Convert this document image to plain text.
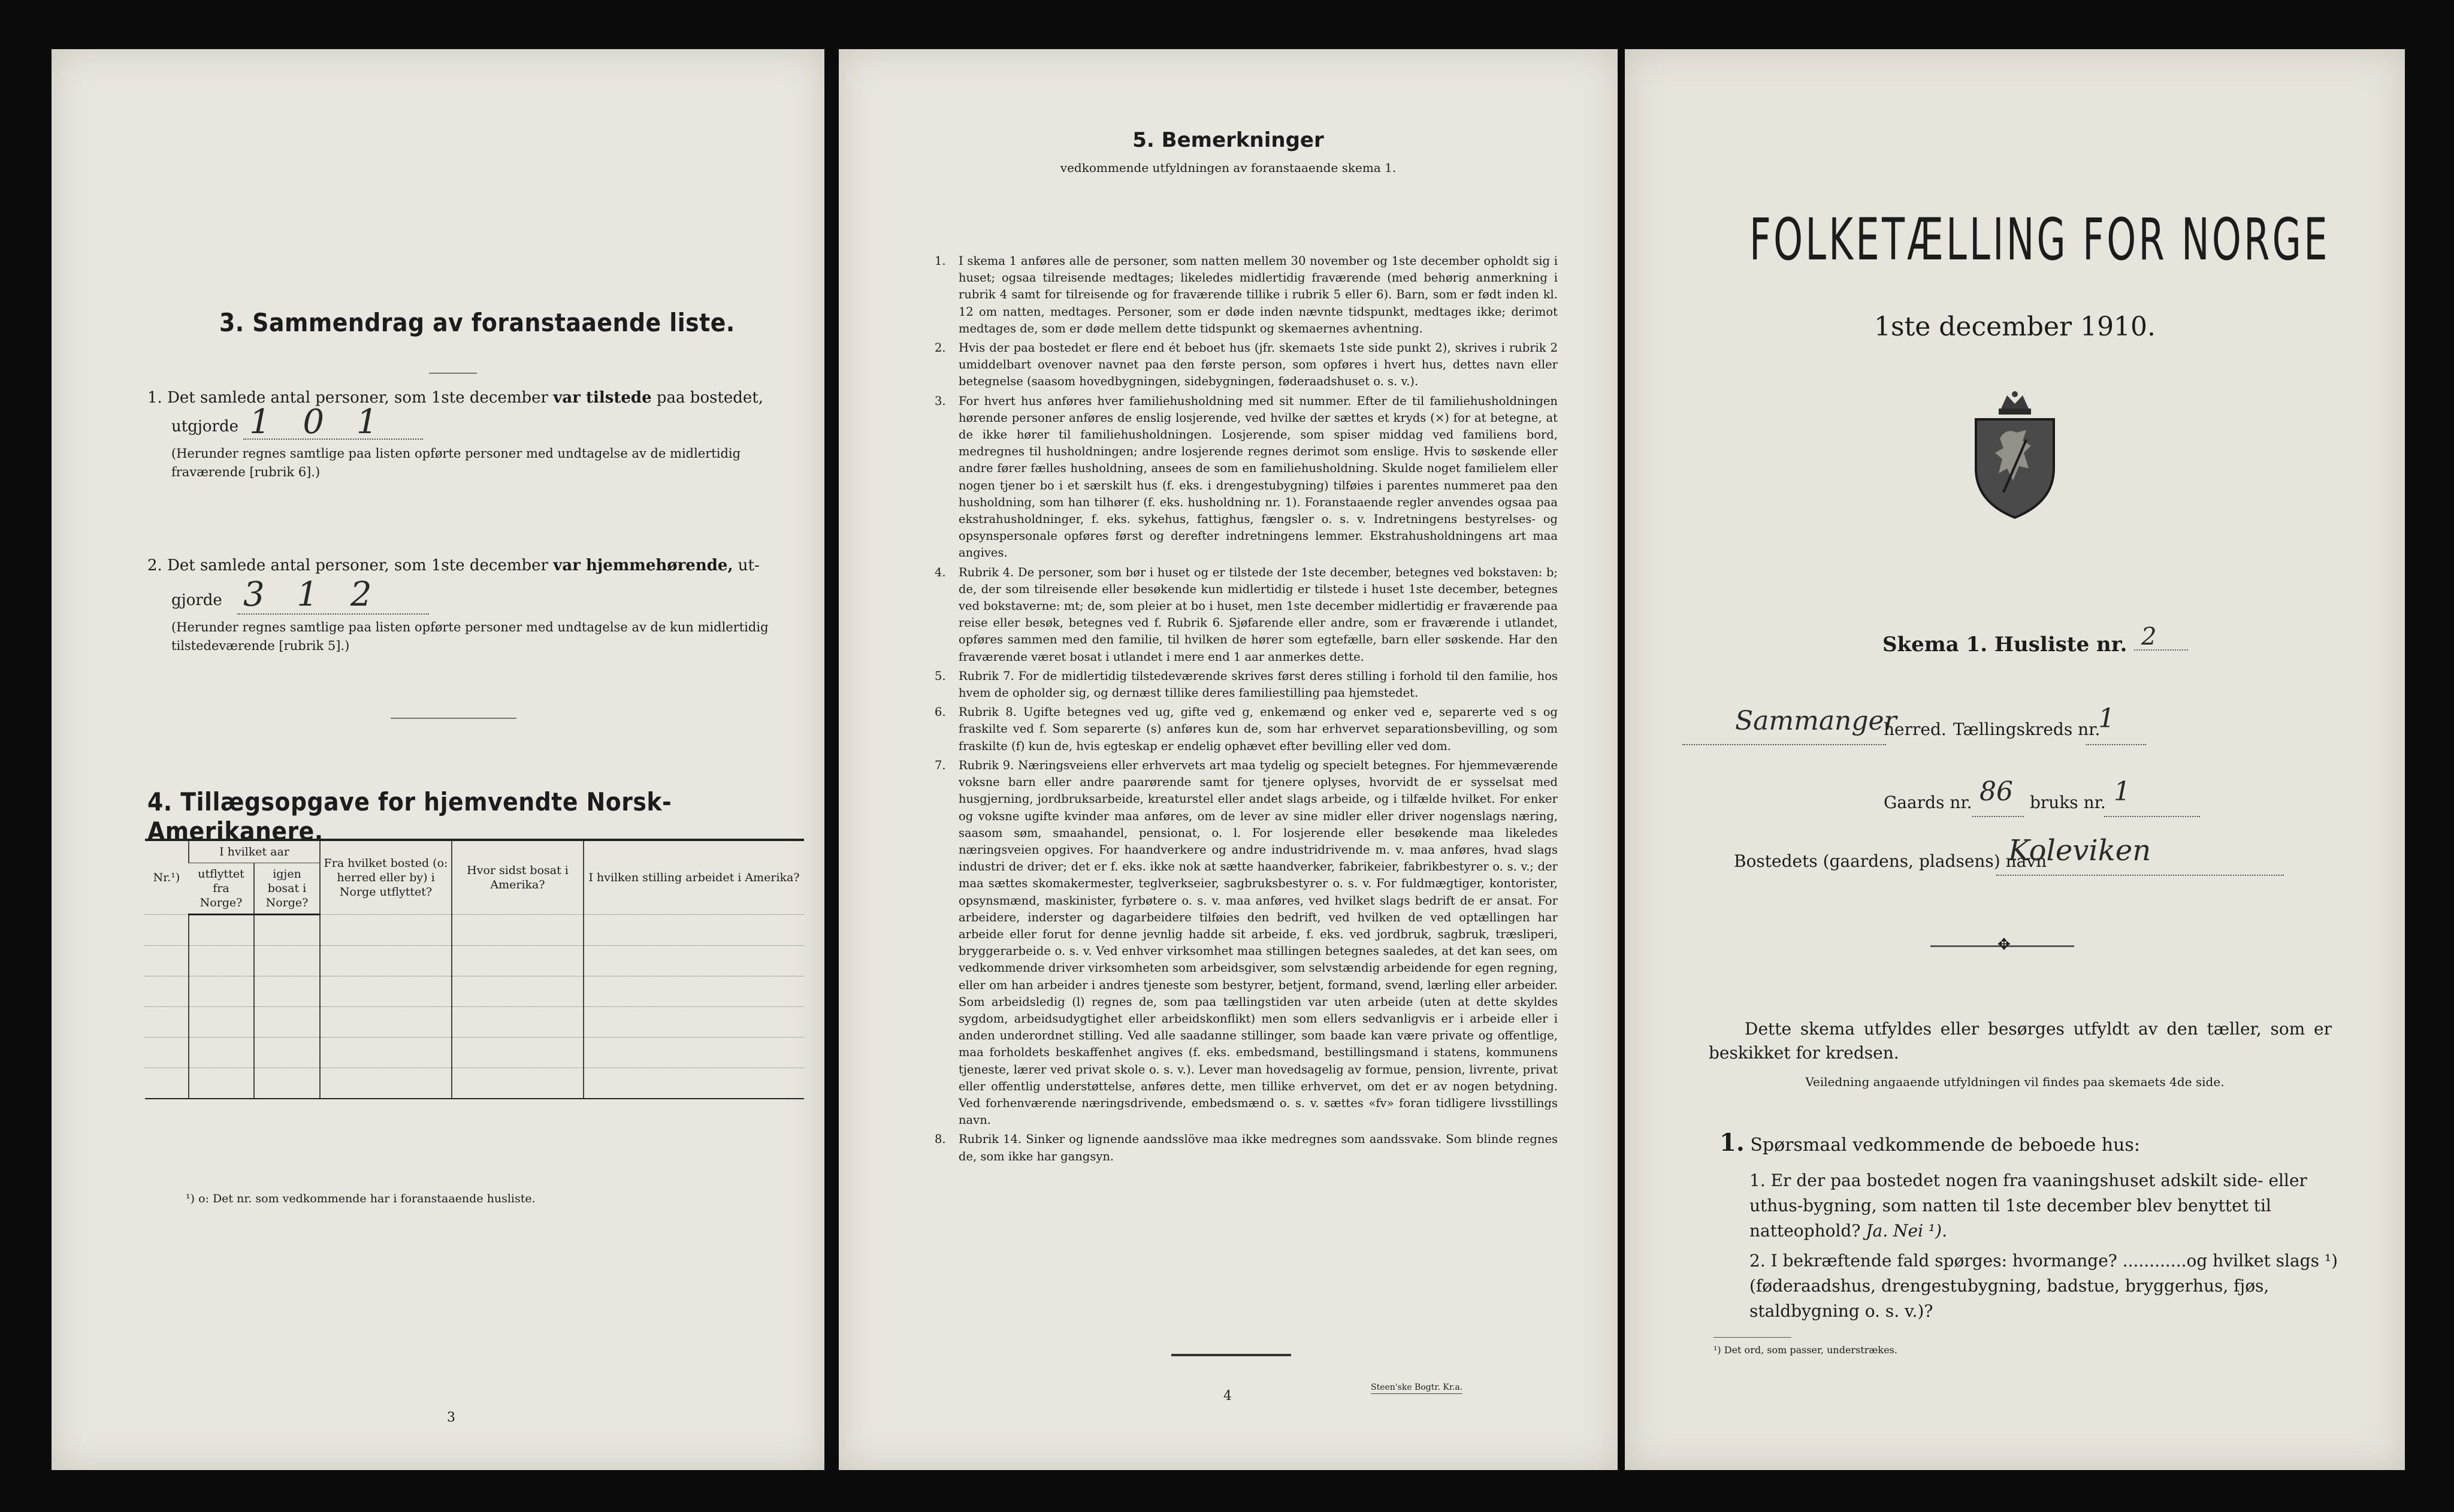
3. Sammendrag av foranstaaende liste.
1. Det samlede antal personer, som 1ste december var tilstede paa bostedet,
utgjorde 1 0 1
(Herunder regnes samtlige paa listen opførte personer med undtagelse av de midlertidig fraværende [rubrik 6].)
2. Det samlede antal personer, som 1ste december var hjemmehørende, ut-
gjorde 3 1 2
(Herunder regnes samtlige paa listen opførte personer med undtagelse av de kun midlertidig tilstedeværende [rubrik 5].)
4. Tillægsopgave for hjemvendte Norsk-Amerikanere.
Nr.¹)	I hvilket aar		Fra hvilket bosted (o: herred eller by) i Norge utflyttet?	Hvor sidst bosat i Amerika?	I hvilken stilling arbeidet i Amerika?
	utflyttet fra Norge?	igjen bosat i Norge?			

¹) o: Det nr. som vedkommende har i foranstaaende husliste.
3
5. Bemerkninger
vedkommende utfyldningen av foranstaaende skema 1.
1. I skema 1 anføres alle de personer, som natten mellem 30 november og 1ste december opholdt sig i huset; ogsaa tilreisende medtages; likeledes midlertidig fraværende (med behørig anmerkning i rubrik 4 samt for tilreisende og for fraværende tillike i rubrik 5 eller 6). Barn, som er født inden kl. 12 om natten, medtages. Personer, som er døde inden nævnte tidspunkt, medtages ikke; derimot medtages de, som er døde mellem dette tidspunkt og skemaernes avhentning.
2. Hvis der paa bostedet er flere end ét beboet hus (jfr. skemaets 1ste side punkt 2), skrives i rubrik 2 umiddelbart ovenover navnet paa den første person, som opføres i hvert hus, dettes navn eller betegnelse (saasom hovedbygningen, sidebygningen, føderaadshuset o. s. v.).
3. For hvert hus anføres hver familiehusholdning med sit nummer. Efter de til familiehusholdningen hørende personer anføres de enslig losjerende, ved hvilke der sættes et kryds (×) for at betegne, at de ikke hører til familiehusholdningen. Losjerende, som spiser middag ved familiens bord, medregnes til husholdningen; andre losjerende regnes derimot som enslige. Hvis to søskende eller andre fører fælles husholdning, ansees de som en familiehusholdning. Skulde noget familielem eller nogen tjener bo i et særskilt hus (f. eks. i drengestubygning) tilføies i parentes nummeret paa den husholdning, som han tilhører (f. eks. husholdning nr. 1). Foranstaaende regler anvendes ogsaa paa ekstrahusholdninger, f. eks. sykehus, fattighus, fængsler o. s. v. Indretningens bestyrelses- og opsynspersonale opføres først og derefter indretningens lemmer. Ekstrahusholdningens art maa angives.
4. Rubrik 4. De personer, som bør i huset og er tilstede der 1ste december, betegnes ved bokstaven: b; de, der som tilreisende eller besøkende kun midlertidig er tilstede i huset 1ste december, betegnes ved bokstaverne: mt; de, som pleier at bo i huset, men 1ste december midlertidig er fraværende paa reise eller besøk, betegnes ved f. Rubrik 6. Sjøfarende eller andre, som er fraværende i utlandet, opføres sammen med den familie, til hvilken de hører som egtefælle, barn eller søskende. Har den fraværende været bosat i utlandet i mere end 1 aar anmerkes dette.
5. Rubrik 7. For de midlertidig tilstedeværende skrives først deres stilling i forhold til den familie, hos hvem de opholder sig, og dernæst tillike deres familiestilling paa hjemstedet.
6. Rubrik 8. Ugifte betegnes ved ug, gifte ved g, enkemænd og enker ved e, separerte ved s og fraskilte ved f. Som separerte (s) anføres kun de, som har erhvervet separationsbevilling, og som fraskilte (f) kun de, hvis egteskap er endelig ophævet efter bevilling eller ved dom.
7. Rubrik 9. Næringsveiens eller erhvervets art maa tydelig og specielt betegnes. For hjemmeværende voksne barn eller andre paarørende samt for tjenere oplyses, hvorvidt de er sysselsat med husgjerning, jordbruksarbeide, kreaturstel eller andet slags arbeide, og i tilfælde hvilket. For enker og voksne ugifte kvinder maa anføres, om de lever av sine midler eller driver nogenslags næring, saasom søm, smaahandel, pensionat, o. l. For losjerende eller besøkende maa likeledes næringsveien opgives. For haandverkere og andre industridrivende m. v. maa anføres, hvad slags industri de driver; det er f. eks. ikke nok at sætte haandverker, fabrikeier, fabrikbestyrer o. s. v.; der maa sættes skomakermester, teglverkseier, sagbruksbestyrer o. s. v. For fuldmægtiger, kontorister, opsynsmænd, maskinister, fyrbøtere o. s. v. maa anføres, ved hvilket slags bedrift de er ansat. For arbeidere, inderster og dagarbeidere tilføies den bedrift, ved hvilken de ved optællingen har arbeide eller forut for denne jevnlig hadde sit arbeide, f. eks. ved jordbruk, sagbruk, træsliperi, bryggerarbeide o. s. v. Ved enhver virksomhet maa stillingen betegnes saaledes, at det kan sees, om vedkommende driver virksomheten som arbeidsgiver, som selvstændig arbeidende for egen regning, eller om han arbeider i andres tjeneste som bestyrer, betjent, formand, svend, lærling eller arbeider. Som arbeidsledig (l) regnes de, som paa tællingstiden var uten arbeide (uten at dette skyldes sygdom, arbeidsudygtighet eller arbeidskonflikt) men som ellers sedvanligvis er i arbeide eller i anden underordnet stilling. Ved alle saadanne stillinger, som baade kan være private og offentlige, maa forholdets beskaffenhet angives (f. eks. embedsmand, bestillingsmand i statens, kommunens tjeneste, lærer ved privat skole o. s. v.). Lever man hovedsagelig av formue, pension, livrente, privat eller offentlig understøttelse, anføres dette, men tillike erhvervet, om det er av nogen betydning. Ved forhenværende næringsdrivende, embedsmænd o. s. v. sættes «fv» foran tidligere livsstillings navn.
8. Rubrik 14. Sinker og lignende aandsslöve maa ikke medregnes som aandssvake. Som blinde regnes de, som ikke har gangsyn.
4
Steen'ske Bogtr. Kr.a.
FOLKETÆLLING FOR NORGE
1ste december 1910.
Skema 1. Husliste nr. 2
Sammanger
herred. Tællingskreds nr.
1
Gaards nr. 86 bruks nr. 1
Bostedets (gaardens, pladsens) navn
Koleviken
✥
Dette skema utfyldes eller besørges utfyldt av den tæller, som er beskikket for kredsen.
Veiledning angaaende utfyldningen vil findes paa skemaets 4de side.
1. Spørsmaal vedkommende de beboede hus:
1. Er der paa bostedet nogen fra vaaningshuset adskilt side- eller uthus-bygning, som natten til 1ste december blev benyttet til natteophold? Ja. Nei ¹).
2. I bekræftende fald spørges: hvormange? ............og hvilket slags ¹) (føderaadshus, drengestubygning, badstue, bryggerhus, fjøs, staldbygning o. s. v.)?
¹) Det ord, som passer, understrækes.
